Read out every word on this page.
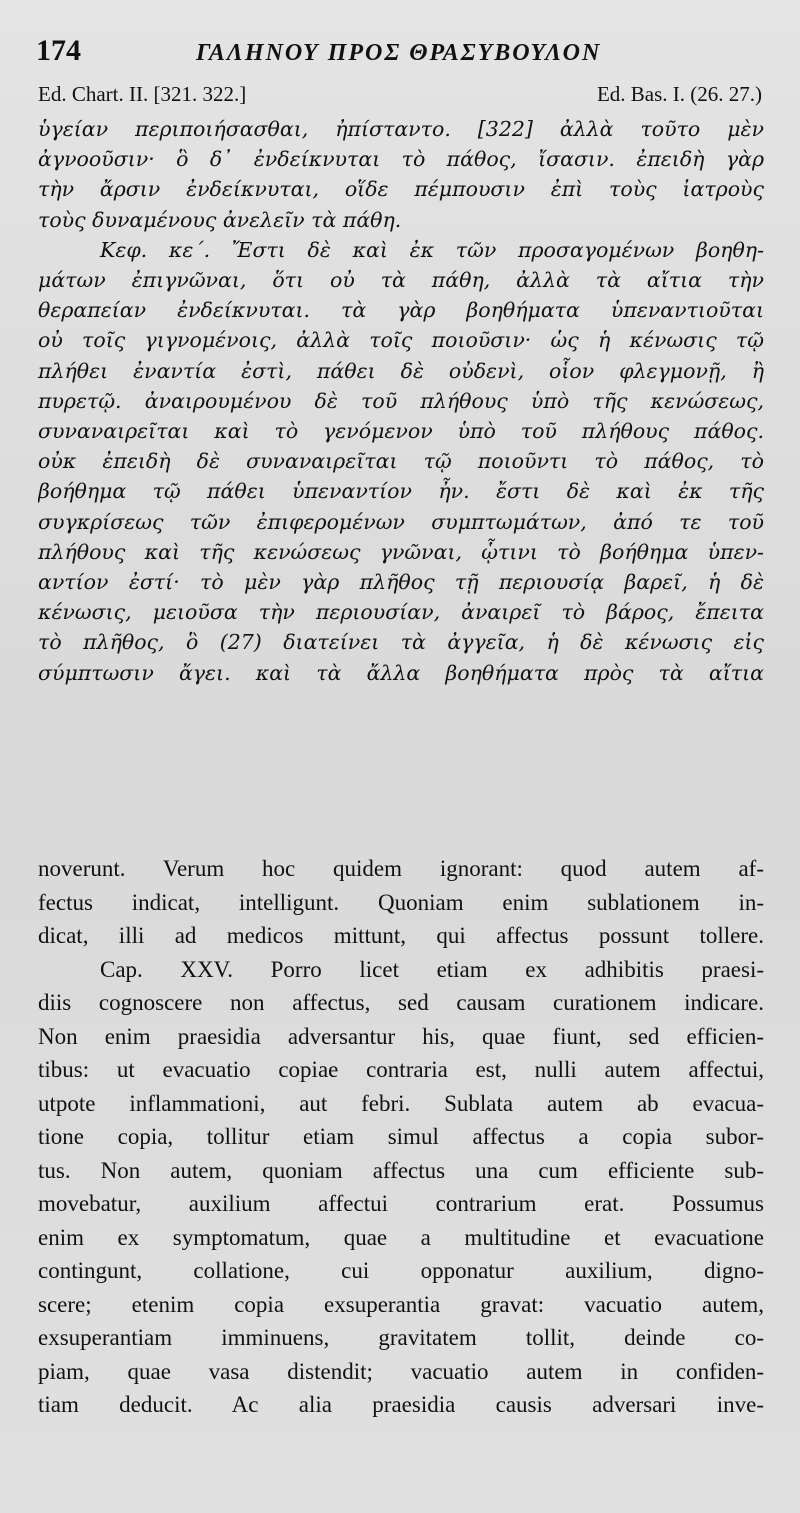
174	ΓΑΛΗΝΟΥ ΠΡΟΣ ΘΡΑΣΥΒΟΥΛΟΝ
Ed. Chart. II. [321. 322.]	Ed. Bas. I. (26. 27.)
ὑγείαν περιποιήσασθαι, ἠπίσταντο. [322] ἀλλὰ τοῦτο μὲν
ἀγνοοῦσιν· ὃ δ᾽ ἐνδείκνυται τὸ πάθος, ἴσασιν. ἐπειδὴ γὰρ
τὴν ἄρσιν ἐνδείκνυται, οἵδε πέμπουσιν ἐπὶ τοὺς ἰατροὺς
τοὺς δυναμένους ἀνελεῖν τὰ πάθη.
Κεφ. κε΄. Ἔστι δὲ καὶ ἐκ τῶν προσαγομένων βοηθη-
μάτων ἐπιγνῶναι, ὅτι οὐ τὰ πάθη, ἀλλὰ τὰ αἴτια τὴν
θεραπείαν ἐνδείκνυται. τὰ γὰρ βοηθήματα ὑπεναντιοῦται
οὐ τοῖς γιγνομένοις, ἀλλὰ τοῖς ποιοῦσιν· ὡς ἡ κένωσις τῷ
πλήθει ἐναντία ἐστὶ, πάθει δὲ οὐδενὶ, οἷον φλεγμονῇ, ἢ
πυρετῷ. ἀναιρουμένου δὲ τοῦ πλήθους ὑπὸ τῆς κενώσεως,
συναναιρεῖται καὶ τὸ γενόμενον ὑπὸ τοῦ πλήθους πάθος.
οὐκ ἐπειδὴ δὲ συναναιρεῖται τῷ ποιοῦντι τὸ πάθος, τὸ
βοήθημα τῷ πάθει ὑπεναντίον ἦν. ἔστι δὲ καὶ ἐκ τῆς
συγκρίσεως τῶν ἐπιφερομένων συμπτωμάτων, ἀπό τε τοῦ
πλήθους καὶ τῆς κενώσεως γνῶναι, ᾧτινι τὸ βοήθημα ὑπεν-
αντίον ἐστί· τὸ μὲν γὰρ πλῆθος τῇ περιουσίᾳ βαρεῖ, ἡ δὲ
κένωσις, μειοῦσα τὴν περιουσίαν, ἀναιρεῖ τὸ βάρος, ἔπειτα
τὸ πλῆθος, ὃ (27) διατείνει τὰ ἀγγεῖα, ἡ δὲ κένωσις εἰς
σύμπτωσιν ἄγει. καὶ τὰ ἄλλα βοηθήματα πρὸς τὰ αἴτια
noverunt. Verum hoc quidem ignorant: quod autem af-
fectus indicat, intelligunt. Quoniam enim sublationem in-
dicat, illi ad medicos mittunt, qui affectus possunt tollere.
Cap. XXV. Porro licet etiam ex adhibitis praesi-
diis cognoscere non affectus, sed causam curationem indicare.
Non enim praesidia adversantur his, quae fiunt, sed efficien-
tibus: ut evacuatio copiae contraria est, nulli autem affectui,
utpote inflammationi, aut febri. Sublata autem ab evacua-
tione copia, tollitur etiam simul affectus a copia subor-
tus. Non autem, quoniam affectus una cum efficiente sub-
movebatur, auxilium affectui contrarium erat. Possumus
enim ex symptomatum, quae a multitudine et evacuatione
contingunt, collatione, cui opponatur auxilium, digno-
scere; etenim copia exsuperantia gravat: vacuatio autem,
exsuperantiam imminuens, gravitatem tollit, deinde co-
piam, quae vasa distendit; vacuatio autem in confiden-
tiam deducit. Ac alia praesidia causis adversari inve-
